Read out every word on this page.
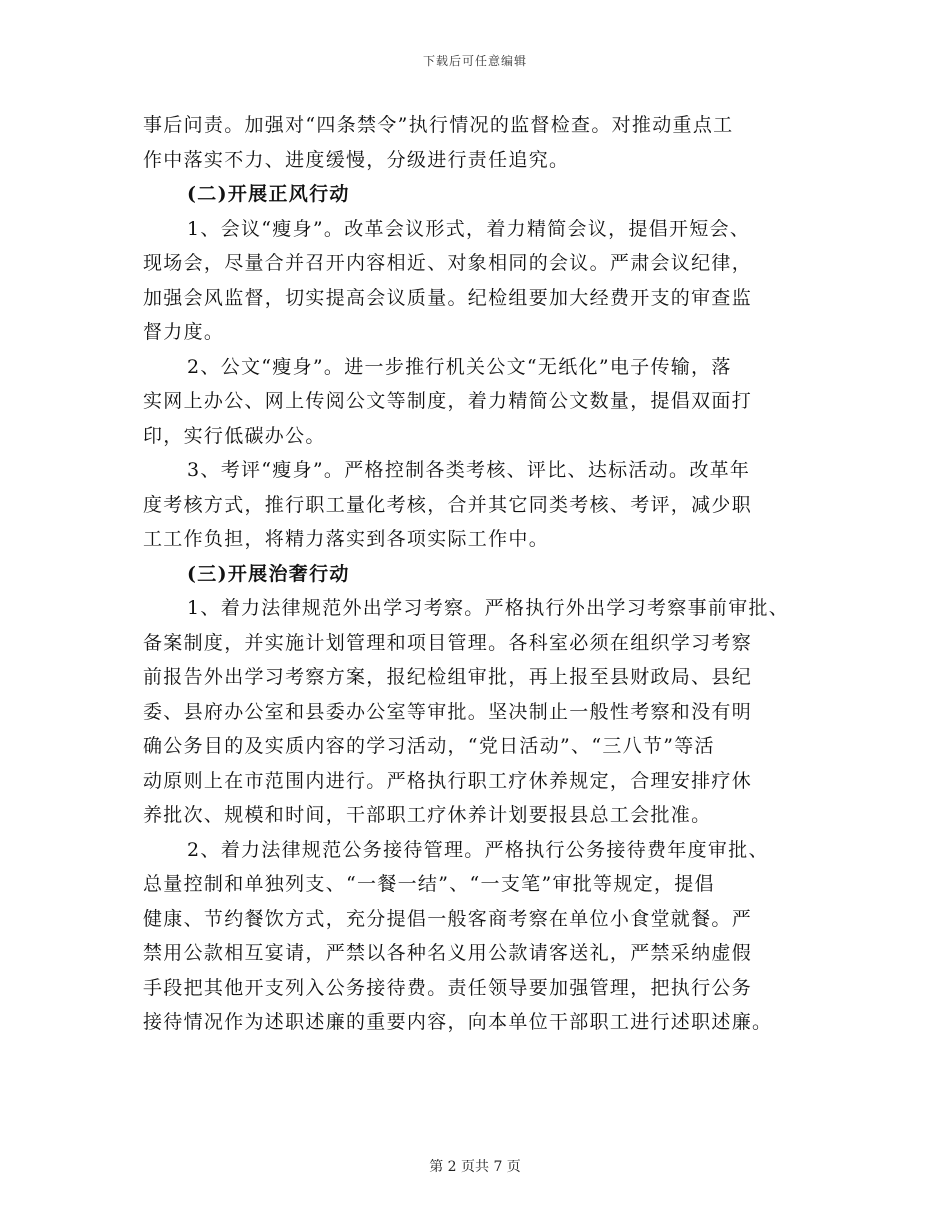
下载后可任意编辑
事后问责。加强对“四条禁令”执行情况的监督检查。对推动重点工
作中落实不力、进度缓慢，分级进行责任追究。
(二)开展正风行动
1、会议“瘦身”。改革会议形式，着力精简会议，提倡开短会、
现场会，尽量合并召开内容相近、对象相同的会议。严肃会议纪律，
加强会风监督，切实提高会议质量。纪检组要加大经费开支的审查监
督力度。
2、公文“瘦身”。进一步推行机关公文“无纸化”电子传输，落
实网上办公、网上传阅公文等制度，着力精简公文数量，提倡双面打
印，实行低碳办公。
3、考评“瘦身”。严格控制各类考核、评比、达标活动。改革年
度考核方式，推行职工量化考核，合并其它同类考核、考评，减少职
工工作负担，将精力落实到各项实际工作中。
(三)开展治奢行动
1、着力法律规范外出学习考察。严格执行外出学习考察事前审批、
备案制度，并实施计划管理和项目管理。各科室必须在组织学习考察
前报告外出学习考察方案，报纪检组审批，再上报至县财政局、县纪
委、县府办公室和县委办公室等审批。坚决制止一般性考察和没有明
确公务目的及实质内容的学习活动，“党日活动”、“三八节”等活
动原则上在市范围内进行。严格执行职工疗休养规定，合理安排疗休
养批次、规模和时间，干部职工疗休养计划要报县总工会批准。
2、着力法律规范公务接待管理。严格执行公务接待费年度审批、
总量控制和单独列支、“一餐一结”、“一支笔”审批等规定，提倡
健康、节约餐饮方式，充分提倡一般客商考察在单位小食堂就餐。严
禁用公款相互宴请，严禁以各种名义用公款请客送礼，严禁采纳虚假
手段把其他开支列入公务接待费。责任领导要加强管理，把执行公务
接待情况作为述职述廉的重要内容，向本单位干部职工进行述职述廉。
第 2 页共 7 页
